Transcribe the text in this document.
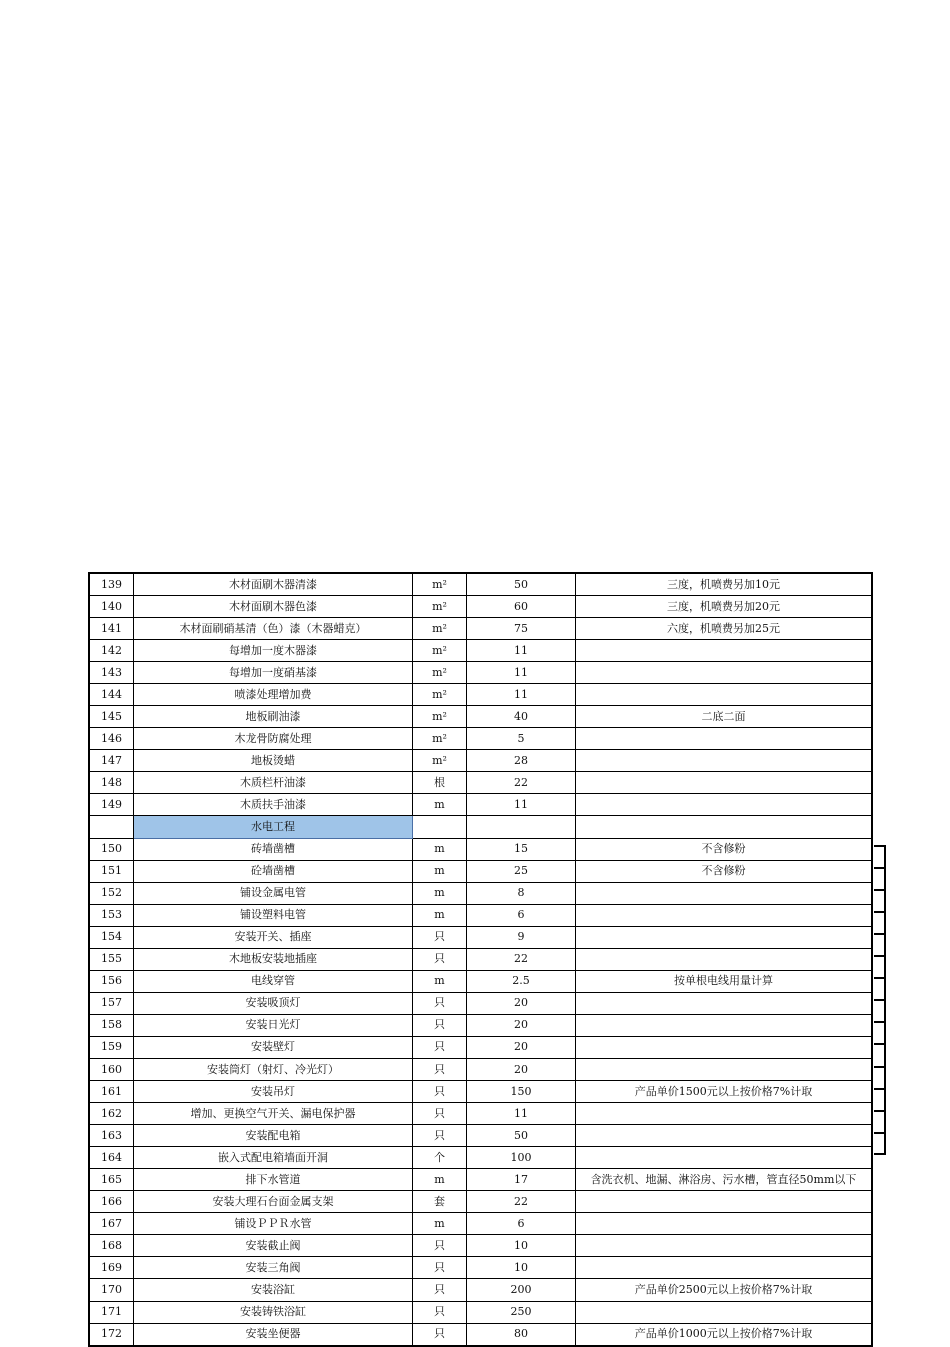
139	木材面刷木器清漆	m²	50	三度，机喷费另加10元
140	木材面刷木器色漆	m²	60	三度，机喷费另加20元
141	木材面刷硝基清（色）漆（木器蜡克）	m²	75	六度，机喷费另加25元
142	每增加一度木器漆	m²	11	
143	每增加一度硝基漆	m²	11	
144	喷漆处理增加费	m²	11	
145	地板刷油漆	m²	40	二底二面
146	木龙骨防腐处理	m²	5	
147	地板烫蜡	m²	28	
148	木质栏杆油漆	根	22	
149	木质扶手油漆	m	11	
	水电工程			
150	砖墙凿槽	m	15	不含修粉
151	砼墙凿槽	m	25	不含修粉
152	铺设金属电管	m	8	
153	铺设塑料电管	m	6	
154	安装开关、插座	只	9	
155	木地板安装地插座	只	22	
156	电线穿管	m	2.5	按单根电线用量计算
157	安装吸顶灯	只	20	
158	安装日光灯	只	20	
159	安装壁灯	只	20	
160	安装筒灯（射灯、冷光灯）	只	20	
161	安装吊灯	只	150	产品单价1500元以上按价格7%计取
162	增加、更换空气开关、漏电保护器	只	11	
163	安装配电箱	只	50	
164	嵌入式配电箱墙面开洞	个	100	
165	排下水管道	m	17	含洗衣机、地漏、淋浴房、污水槽，管直径50mm以下
166	安装大理石台面金属支架	套	22	
167	铺设ＰＰＲ水管	m	6	
168	安装截止阀	只	10	
169	安装三角阀	只	10	
170	安装浴缸	只	200	产品单价2500元以上按价格7%计取
171	安装铸铁浴缸	只	250	
172	安装坐便器	只	80	产品单价1000元以上按价格7%计取
